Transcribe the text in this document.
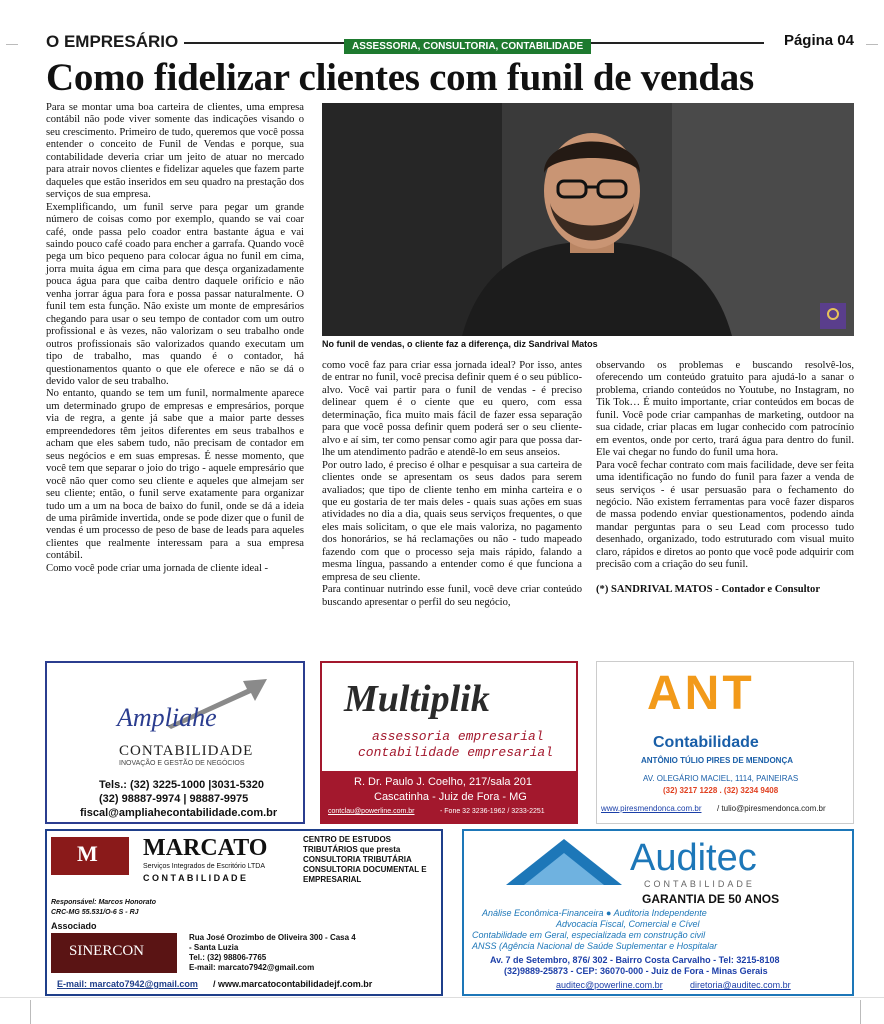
O EMPRESÁRIO	ASSESSORIA, CONSULTORIA, CONTABILIDADE	Página 04
Como fidelizar clientes com funil de vendas

Para se montar uma boa carteira de clientes, uma empresa contábil não pode viver somente das indicações visando o seu crescimento. Primeiro de tudo, queremos que você possa entender o conceito de Funil de Vendas e porque, sua contabilidade deveria criar um jeito de atuar no mercado para atrair novos clientes e fidelizar aqueles que fazem parte daqueles que estão inseridos em seu quadro na prestação dos serviços de sua empresa.

Exemplificando, um funil serve para pegar um grande número de coisas como por exemplo, quando se vai coar café, onde passa pelo coador entra bastante água e vai saindo pouco café coado para encher a garrafa. Quando você pega um bico pequeno para colocar água no funil em cima, jorra muita água em cima para que desça organizadamente pouca água para que caiba dentro daquele orifício e não venha jorrar água para fora e possa passar naturalmente. O funil tem esta função. Não existe um monte de empresários chegando para usar o seu tempo de contador com um outro profissional e às vezes, não valorizam o seu trabalho onde outros profissionais são valorizados quando executam um tipo de trabalho, mas quando é o contador, há questionamentos quanto o que ele oferece e não se dá o devido valor de seu trabalho.

No entanto, quando se tem um funil, normalmente aparece um determinado grupo de empresas e empresários, porque via de regra, a gente já sabe que a maior parte desses empreendedores têm jeitos diferentes em seus trabalhos e acham que eles sabem tudo, não precisam de contador em seus negócios e em suas empresas. É nesse momento, que você tem que separar o joio do trigo - aquele empresário que você não quer como seu cliente e aqueles que almejam ser seu cliente; então, o funil serve exatamente para organizar tudo um a um na boca de baixo do funil, onde se dá a ideia de uma pirâmide invertida, onde se pode dizer que o funil de vendas é um processo de peso de base de leads para aqueles clientes que realmente interessam para a sua empresa contábil.

Como você pode criar uma jornada de cliente ideal -

No funil de vendas, o cliente faz a diferença, diz Sandrival Matos

como você faz para criar essa jornada ideal? Por isso, antes de entrar no funil, você precisa definir quem é o seu público-alvo. Você vai partir para o funil de vendas - é preciso delinear quem é o ciente que eu quero, com essa determinação, fica muito mais fácil de fazer essa separação para que você possa definir quem poderá ser o seu cliente-alvo e aí sim, ter como pensar como agir para que possa dar-lhe um atendimento padrão e atendê-lo em seus anseios.

Por outro lado, é preciso é olhar e pesquisar a sua carteira de clientes onde se apresentam os seus dados para serem avaliados; que tipo de cliente tenho em minha carteira e o que eu gostaria de ter mais deles - quais suas ações em suas atividades no dia a dia, quais seus serviços frequentes, o que eles mais solicitam, o que ele mais valoriza, no pagamento dos honorários, se há reclamações ou não - tudo mapeado fazendo com que o processo seja mais rápido, falando a mesma língua, passando a entender como é que funciona a empresa de seu cliente.

Para continuar nutrindo esse funil, você deve criar conteúdo buscando apresentar o perfil do seu negócio,

observando os problemas e buscando resolvê-los, oferecendo um conteúdo gratuito para ajudá-lo a sanar o problema, criando conteúdos no Youtube, no Instagram, no Tik Tok… É muito importante, criar conteúdos em bocas de funil. Você pode criar campanhas de marketing, outdoor na sua cidade, criar placas em lugar conhecido com patrocínio em eventos, onde por certo, trará água para dentro do funil. Ele vai chegar no fundo do funil uma hora.

Para você fechar contrato com mais facilidade, deve ser feita uma identificação no fundo do funil para fazer a venda de seus serviços - é usar persuasão para o fechamento do negócio. Não existem ferramentas para você fazer disparos de massa podendo enviar questionamentos, podendo ainda mandar perguntas para o seu Lead com processo tudo desenhado, organizado, todo estruturado com visual muito claro, rápidos e diretos ao ponto que você pode adquirir com precisão com a criação do seu funil.

(*) SANDRIVAL MATOS - Contador e Consultor

Ampliahe
CONTABILIDADE
INOVAÇÃO E GESTÃO DE NEGÓCIOS
Tels.: (32) 3225-1000 |3031-5320
(32) 98887-9974 | 98887-9975
fiscal@ampliahecontabilidade.com.br
Multiplik
assessoria empresarial
contabilidade empresarial
R. Dr. Paulo J. Coelho, 217/sala 201
Cascatinha - Juiz de Fora - MG
contclau@powerline.com.br	- Fone 32 3236-1962 / 3233-2251
ANT
Contabilidade
ANTÔNIO TÚLIO PIRES DE MENDONÇA
AV. OLEGÁRIO MACIEL, 1114, PAINEIRAS
(32) 3217 1228 . (32) 3234 9408
www.piresmendonca.com.br / tulio@piresmendonca.com.br
M MARCATO
Serviços Integrados de Escritório LTDA
C O N T A B I L I D A D E
CENTRO DE ESTUDOS TRIBUTÁRIOS que presta CONSULTORIA TRIBUTÁRIA CONSULTORIA DOCUMENTAL E EMPRESARIAL
Responsável: Marcos Honorato
CRC-MG 55.531/O-6 S - RJ
Associado
SINERCON
Rua José Orozimbo de Oliveira 300 - Casa 4
- Santa Luzia
Tel.: (32) 98806-7765
E-mail: marcato7942@gmail.com
E-mail: marcato7942@gmail.com / www.marcatocontabilidadejf.com.br
Auditec
CONTABILIDADE
GARANTIA DE 50 ANOS
Análise Econômica-Financeira ● Auditoria Independente
Advocacia Fiscal, Comercial e Cível
Contabilidade em Geral, especializada em construção civil
ANSS (Agência Nacional de Saúde Suplementar e Hospitalar
Av. 7 de Setembro, 876/ 302 - Bairro Costa Carvalho - Tel: 3215-8108
(32)9889-25873 - CEP: 36070-000 - Juiz de Fora - Minas Gerais
auditec@powerline.com.br	diretoria@auditec.com.br
